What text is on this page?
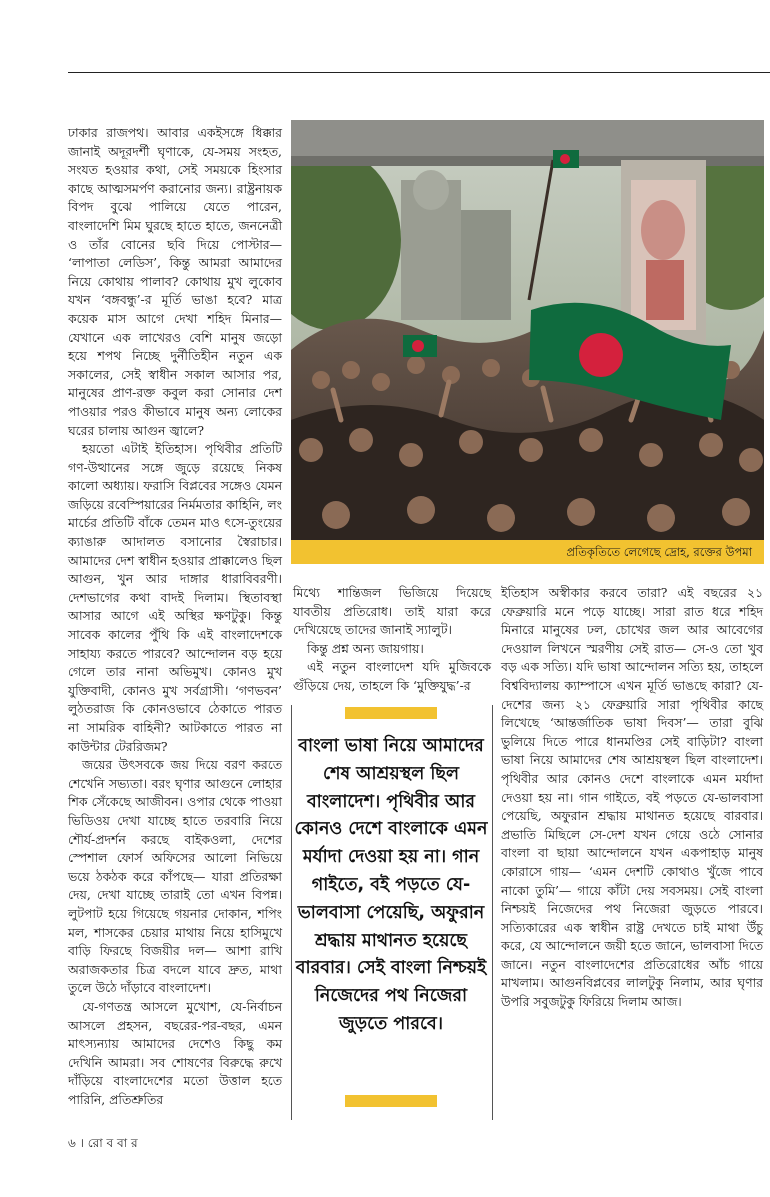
ঢাকার রাজপথ। আবার একইসঙ্গে ধিক্কার জানাই অদূরদর্শী ঘৃণাকে, যে-সময় সংহত, সংযত হওয়ার কথা, সেই সময়কে হিংসার কাছে আত্মসমর্পণ করানোর জন্য। রাষ্ট্রনায়ক বিপদ বুঝে পালিয়ে যেতে পারেন, বাংলাদেশি মিম ঘুরছে হাতে হাতে, জননেত্রী ও তাঁর বোনের ছবি দিয়ে পোস্টার— ‘লাপাতা লেডিস’, কিন্তু আমরা আমাদের নিয়ে কোথায় পালাব? কোথায় মুখ লুকোব যখন ‘বঙ্গবন্ধু’-র মূর্তি ভাঙা হবে? মাত্র কয়েক মাস আগে দেখা শহিদ মিনার— যেখানে এক লাখেরও বেশি মানুষ জড়ো হয়ে শপথ নিচ্ছে দুর্নীতিহীন নতুন এক সকালের, সেই স্বাধীন সকাল আসার পর, মানুষের প্রাণ-রক্ত কবুল করা সোনার দেশ পাওয়ার পরও কীভাবে মানুষ অন্য লোকের ঘরের চালায় আগুন জ্বালে?

হয়তো এটাই ইতিহাস। পৃথিবীর প্রতিটি গণ-উত্থানের সঙ্গে জুড়ে রয়েছে নিকষ কালো অধ্যায়। ফরাসি বিপ্লবের সঙ্গেও যেমন জড়িয়ে রবেস্পিয়ারের নির্মমতার কাহিনি, লং মার্চের প্রতিটি বাঁকে তেমন মাও ৎসে-তুংয়ের ক্যাঙারু আদালত বসানোর স্বৈরাচার। আমাদের দেশ স্বাধীন হওয়ার প্রাক্কালেও ছিল আগুন, খুন আর দাঙ্গার ধারাবিবরণী। দেশভাগের কথা বাদই দিলাম। স্থিতাবস্থা আসার আগে এই অস্থির ক্ষণটুকু। কিন্তু সাবেক কালের পুঁথি কি এই বাংলাদেশকে সাহায্য করতে পারবে? আন্দোলন বড় হয়ে গেলে তার নানা অভিমুখ। কোনও মুখ যুক্তিবাদী, কোনও মুখ সর্বগ্রাসী। ‘গণভবন’ লুঠতরাজ কি কোনওভাবে ঠেকাতে পারত না সামরিক বাহিনী? আটকাতে পারত না কাউন্টার টেররিজম?

জয়ের উৎসবকে জয় দিয়ে বরণ করতে শেখেনি সভ্যতা। বরং ঘৃণার আগুনে লোহার শিক সেঁকেছে আজীবন। ওপার থেকে পাওয়া ভিডিওয় দেখা যাচ্ছে হাতে তরবারি নিয়ে শৌর্য-প্রদর্শন করছে বাইকওলা, দেশের স্পেশাল ফোর্স অফিসের আলো নিভিয়ে ভয়ে ঠকঠক করে কাঁপছে— যারা প্রতিরক্ষা দেয়, দেখা যাচ্ছে তারাই তো এখন বিপন্ন। লুটপাট হয়ে গিয়েছে গয়নার দোকান, শপিং মল, শাসকের চেয়ার মাথায় নিয়ে হাসিমুখে বাড়ি ফিরছে বিজয়ীর দল— আশা রাখি অরাজকতার চিত্র বদলে যাবে দ্রুত, মাথা তুলে উঠে দাঁড়াবে বাংলাদেশ।

যে-গণতন্ত্র আসলে মুখোশ, যে-নির্বাচন আসলে প্রহসন, বছরের-পর-বছর, এমন মাৎস্যন্যায় আমাদের দেশেও কিছু কম দেখিনি আমরা। সব শোষণের বিরুদ্ধে রুখে দাঁড়িয়ে বাংলাদেশের মতো উত্তাল হতে পারিনি, প্রতিশ্রুতির

প্রতিকৃতিতে লেগেছে দ্রোহ, রক্তের উপমা

মিথ্যে শান্তিজল ভিজিয়ে দিয়েছে যাবতীয় প্রতিরোধ। তাই যারা করে দেখিয়েছে তাদের জানাই স্যালুট।

কিন্তু প্রশ্ন অন্য জায়গায়।

এই নতুন বাংলাদেশ যদি মুজিবকে গুঁড়িয়ে দেয়, তাহলে কি ‘মুক্তিযুদ্ধ’-র

বাংলা ভাষা নিয়ে আমাদের শেষ আশ্রয়স্থল ছিল বাংলাদেশ। পৃথিবীর আর কোনও দেশে বাংলাকে এমন মর্যাদা দেওয়া হয় না। গান গাইতে, বই পড়তে যে-ভালবাসা পেয়েছি, অফুরান শ্রদ্ধায় মাথানত হয়েছে বারবার। সেই বাংলা নিশ্চয়ই নিজেদের পথ নিজেরা জুড়তে পারবে।

ইতিহাস অস্বীকার করবে তারা? এই বছরের ২১ ফেব্রুয়ারি মনে পড়ে যাচ্ছে। সারা রাত ধরে শহিদ মিনারে মানুষের ঢল, চোখের জল আর আবেগের দেওয়াল লিখনে স্মরণীয় সেই রাত— সে-ও তো খুব বড় এক সত্যি। যদি ভাষা আন্দোলন সত্যি হয়, তাহলে বিশ্ববিদ্যালয় ক্যাম্পাসে এখন মূর্তি ভাঙছে কারা? যে-দেশের জন্য ২১ ফেব্রুয়ারি সারা পৃথিবীর কাছে লিখেছে ‘আন্তর্জাতিক ভাষা দিবস’— তারা বুঝি ভুলিয়ে দিতে পারে ধানমণ্ডির সেই বাড়িটা? বাংলা ভাষা নিয়ে আমাদের শেষ আশ্রয়স্থল ছিল বাংলাদেশ। পৃথিবীর আর কোনও দেশে বাংলাকে এমন মর্যাদা দেওয়া হয় না। গান গাইতে, বই পড়তে যে-ভালবাসা পেয়েছি, অফুরান শ্রদ্ধায় মাথানত হয়েছে বারবার। প্রভাতি মিছিলে সে-দেশ যখন গেয়ে ওঠে সোনার বাংলা বা ছায়া আন্দোলনে যখন একপাহাড় মানুষ কোরাসে গায়— ‘এমন দেশটি কোথাও খুঁজে পাবে নাকো তুমি’— গায়ে কাঁটা দেয় সবসময়। সেই বাংলা নিশ্চয়ই নিজেদের পথ নিজেরা জুড়তে পারবে। সত্যিকারের এক স্বাধীন রাষ্ট্র দেখতে চাই মাথা উঁচু করে, যে আন্দোলনে জয়ী হতে জানে, ভালবাসা দিতে জানে। নতুন বাংলাদেশের প্রতিরোধের আঁচ গায়ে মাখলাম। আগুনবিপ্লবের লালটুকু নিলাম, আর ঘৃণার উপরি সবুজটুকু ফিরিয়ে দিলাম আজ।

৬ । রো ব বা র
